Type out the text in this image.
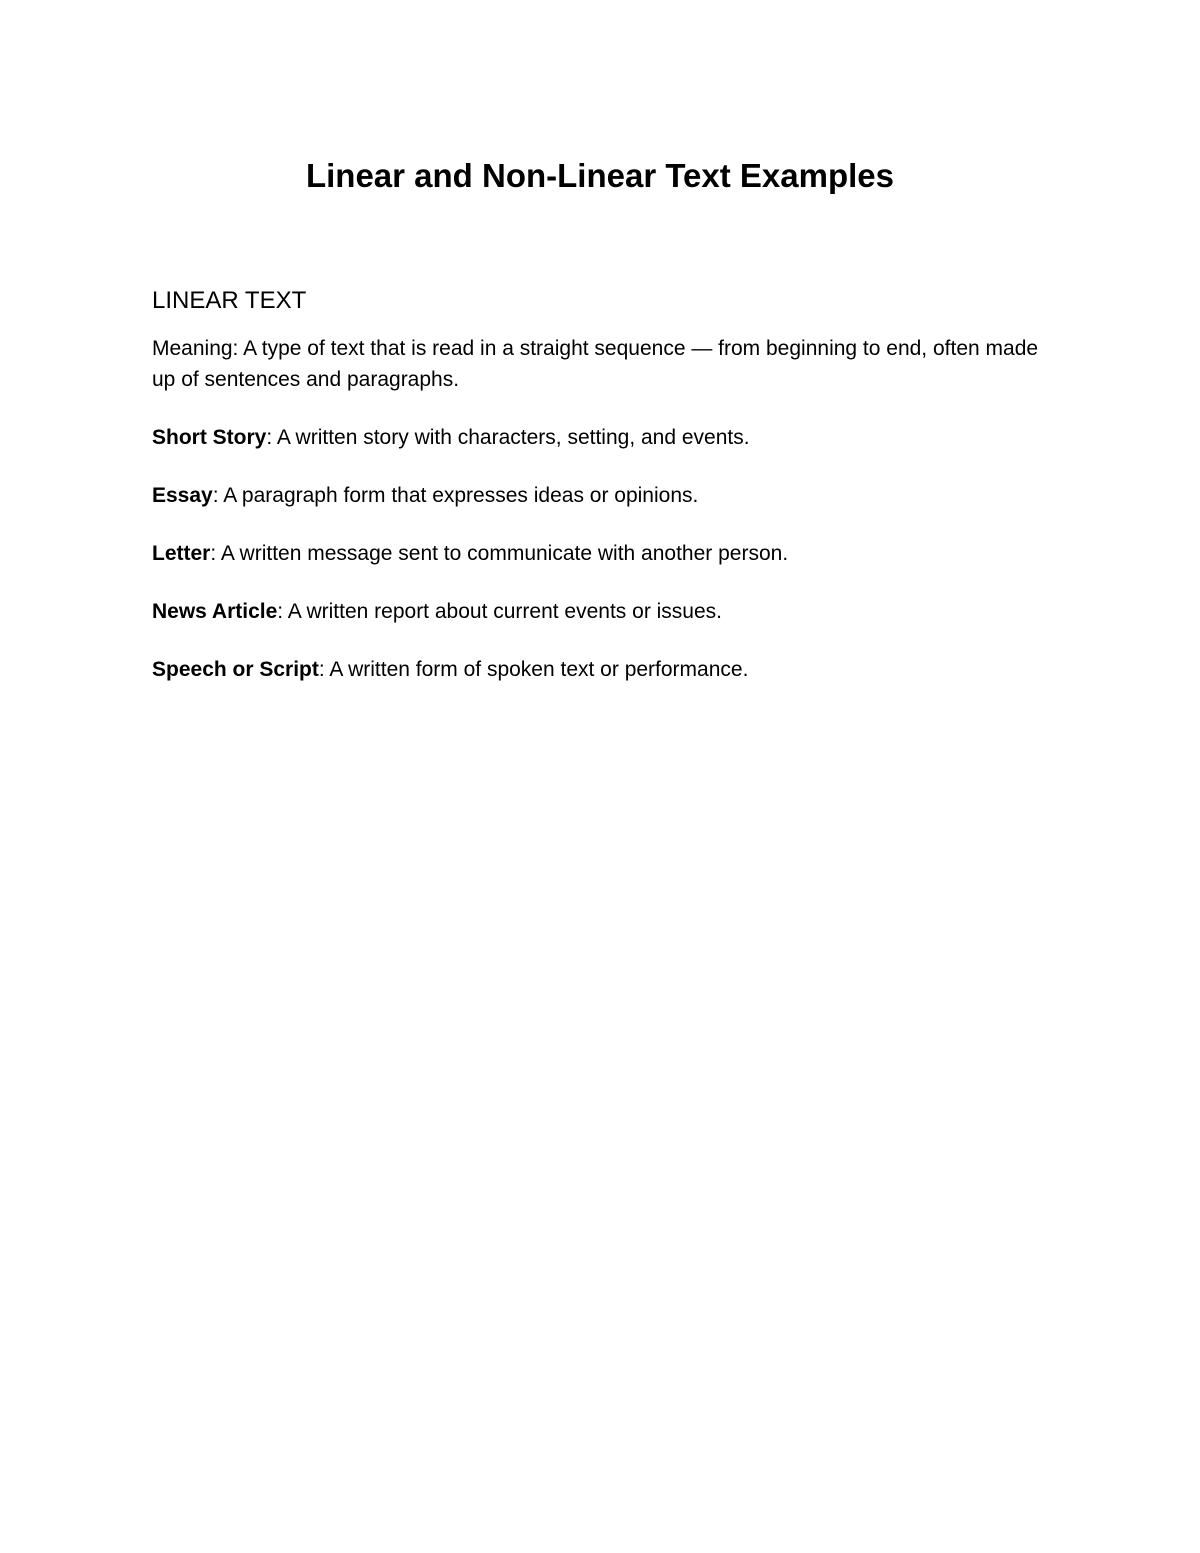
Linear and Non-Linear Text Examples
LINEAR TEXT

Meaning: A type of text that is read in a straight sequence — from beginning to end, often made up of sentences and paragraphs.

Short Story: A written story with characters, setting, and events.

Essay: A paragraph form that expresses ideas or opinions.

Letter: A written message sent to communicate with another person.

News Article: A written report about current events or issues.

Speech or Script: A written form of spoken text or performance.
